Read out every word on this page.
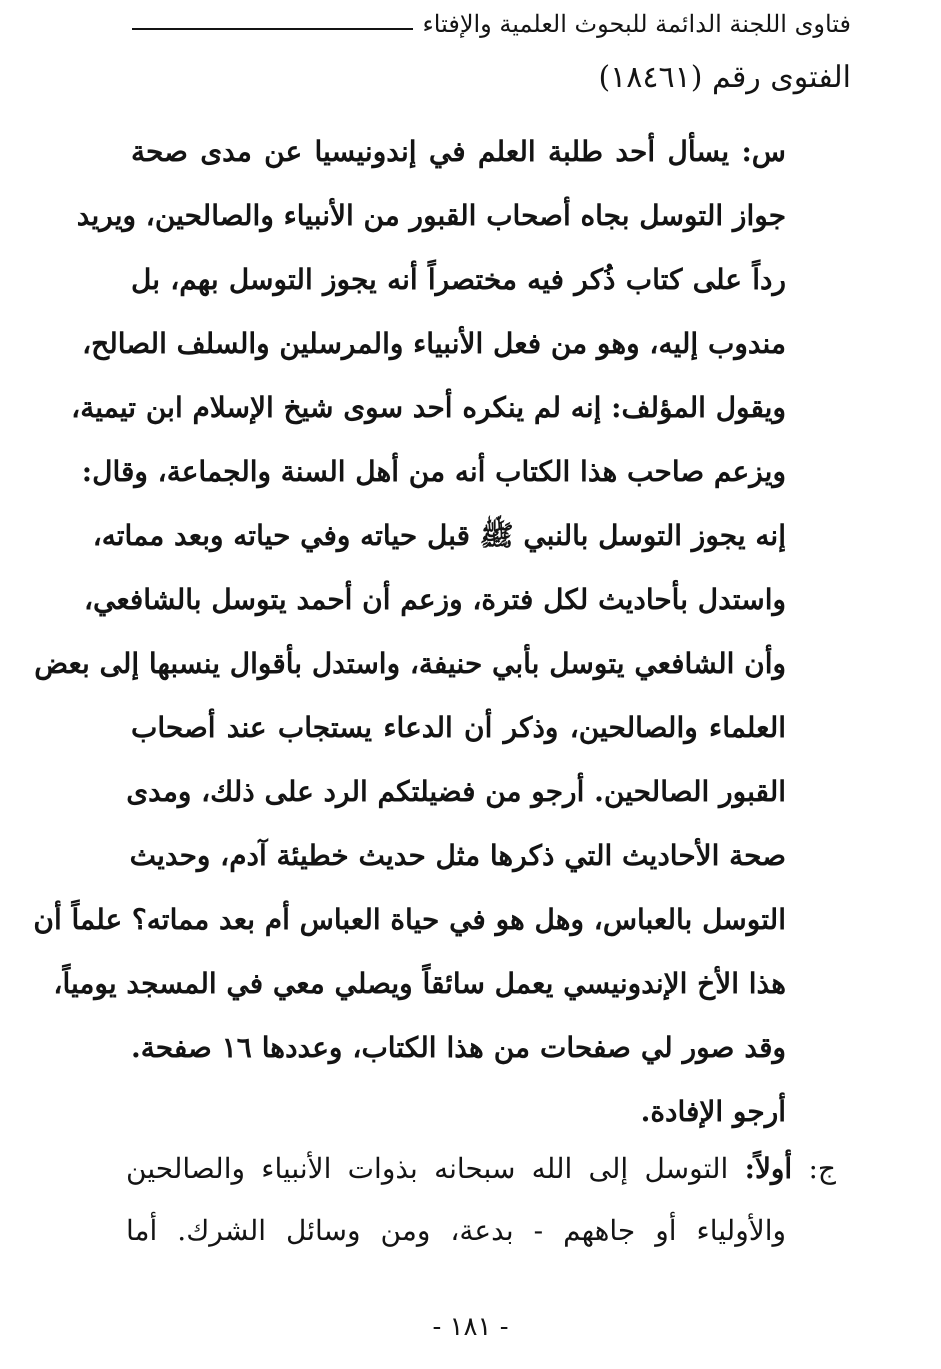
فتاوى اللجنة الدائمة للبحوث العلمية والإفتاء
الفتوى رقم (١٨٤٦١)
س: يسأل أحد طلبة العلم في إندونيسيا عن مدى صحة
جواز التوسل بجاه أصحاب القبور من الأنبياء والصالحين، ويريد
رداً على كتاب ذُكر فيه مختصراً أنه يجوز التوسل بهم، بل
مندوب إليه، وهو من فعل الأنبياء والمرسلين والسلف الصالح،
ويقول المؤلف: إنه لم ينكره أحد سوى شيخ الإسلام ابن تيمية،
ويزعم صاحب هذا الكتاب أنه من أهل السنة والجماعة، وقال:
إنه يجوز التوسل بالنبي ﷺ قبل حياته وفي حياته وبعد مماته،
واستدل بأحاديث لكل فترة، وزعم أن أحمد يتوسل بالشافعي،
وأن الشافعي يتوسل بأبي حنيفة، واستدل بأقوال ينسبها إلى بعض
العلماء والصالحين، وذكر أن الدعاء يستجاب عند أصحاب
القبور الصالحين. أرجو من فضيلتكم الرد على ذلك، ومدى
صحة الأحاديث التي ذكرها مثل حديث خطيئة آدم، وحديث
التوسل بالعباس، وهل هو في حياة العباس أم بعد مماته؟ علماً أن
هذا الأخ الإندونيسي يعمل سائقاً ويصلي معي في المسجد يومياً،
وقد صور لي صفحات من هذا الكتاب، وعددها ١٦ صفحة.
أرجو الإفادة.
ج: أولاً: التوسل إلى الله سبحانه بذوات الأنبياء والصالحين
والأولياء أو جاههم - بدعة، ومن وسائل الشرك. أما
- ١٨١ -
